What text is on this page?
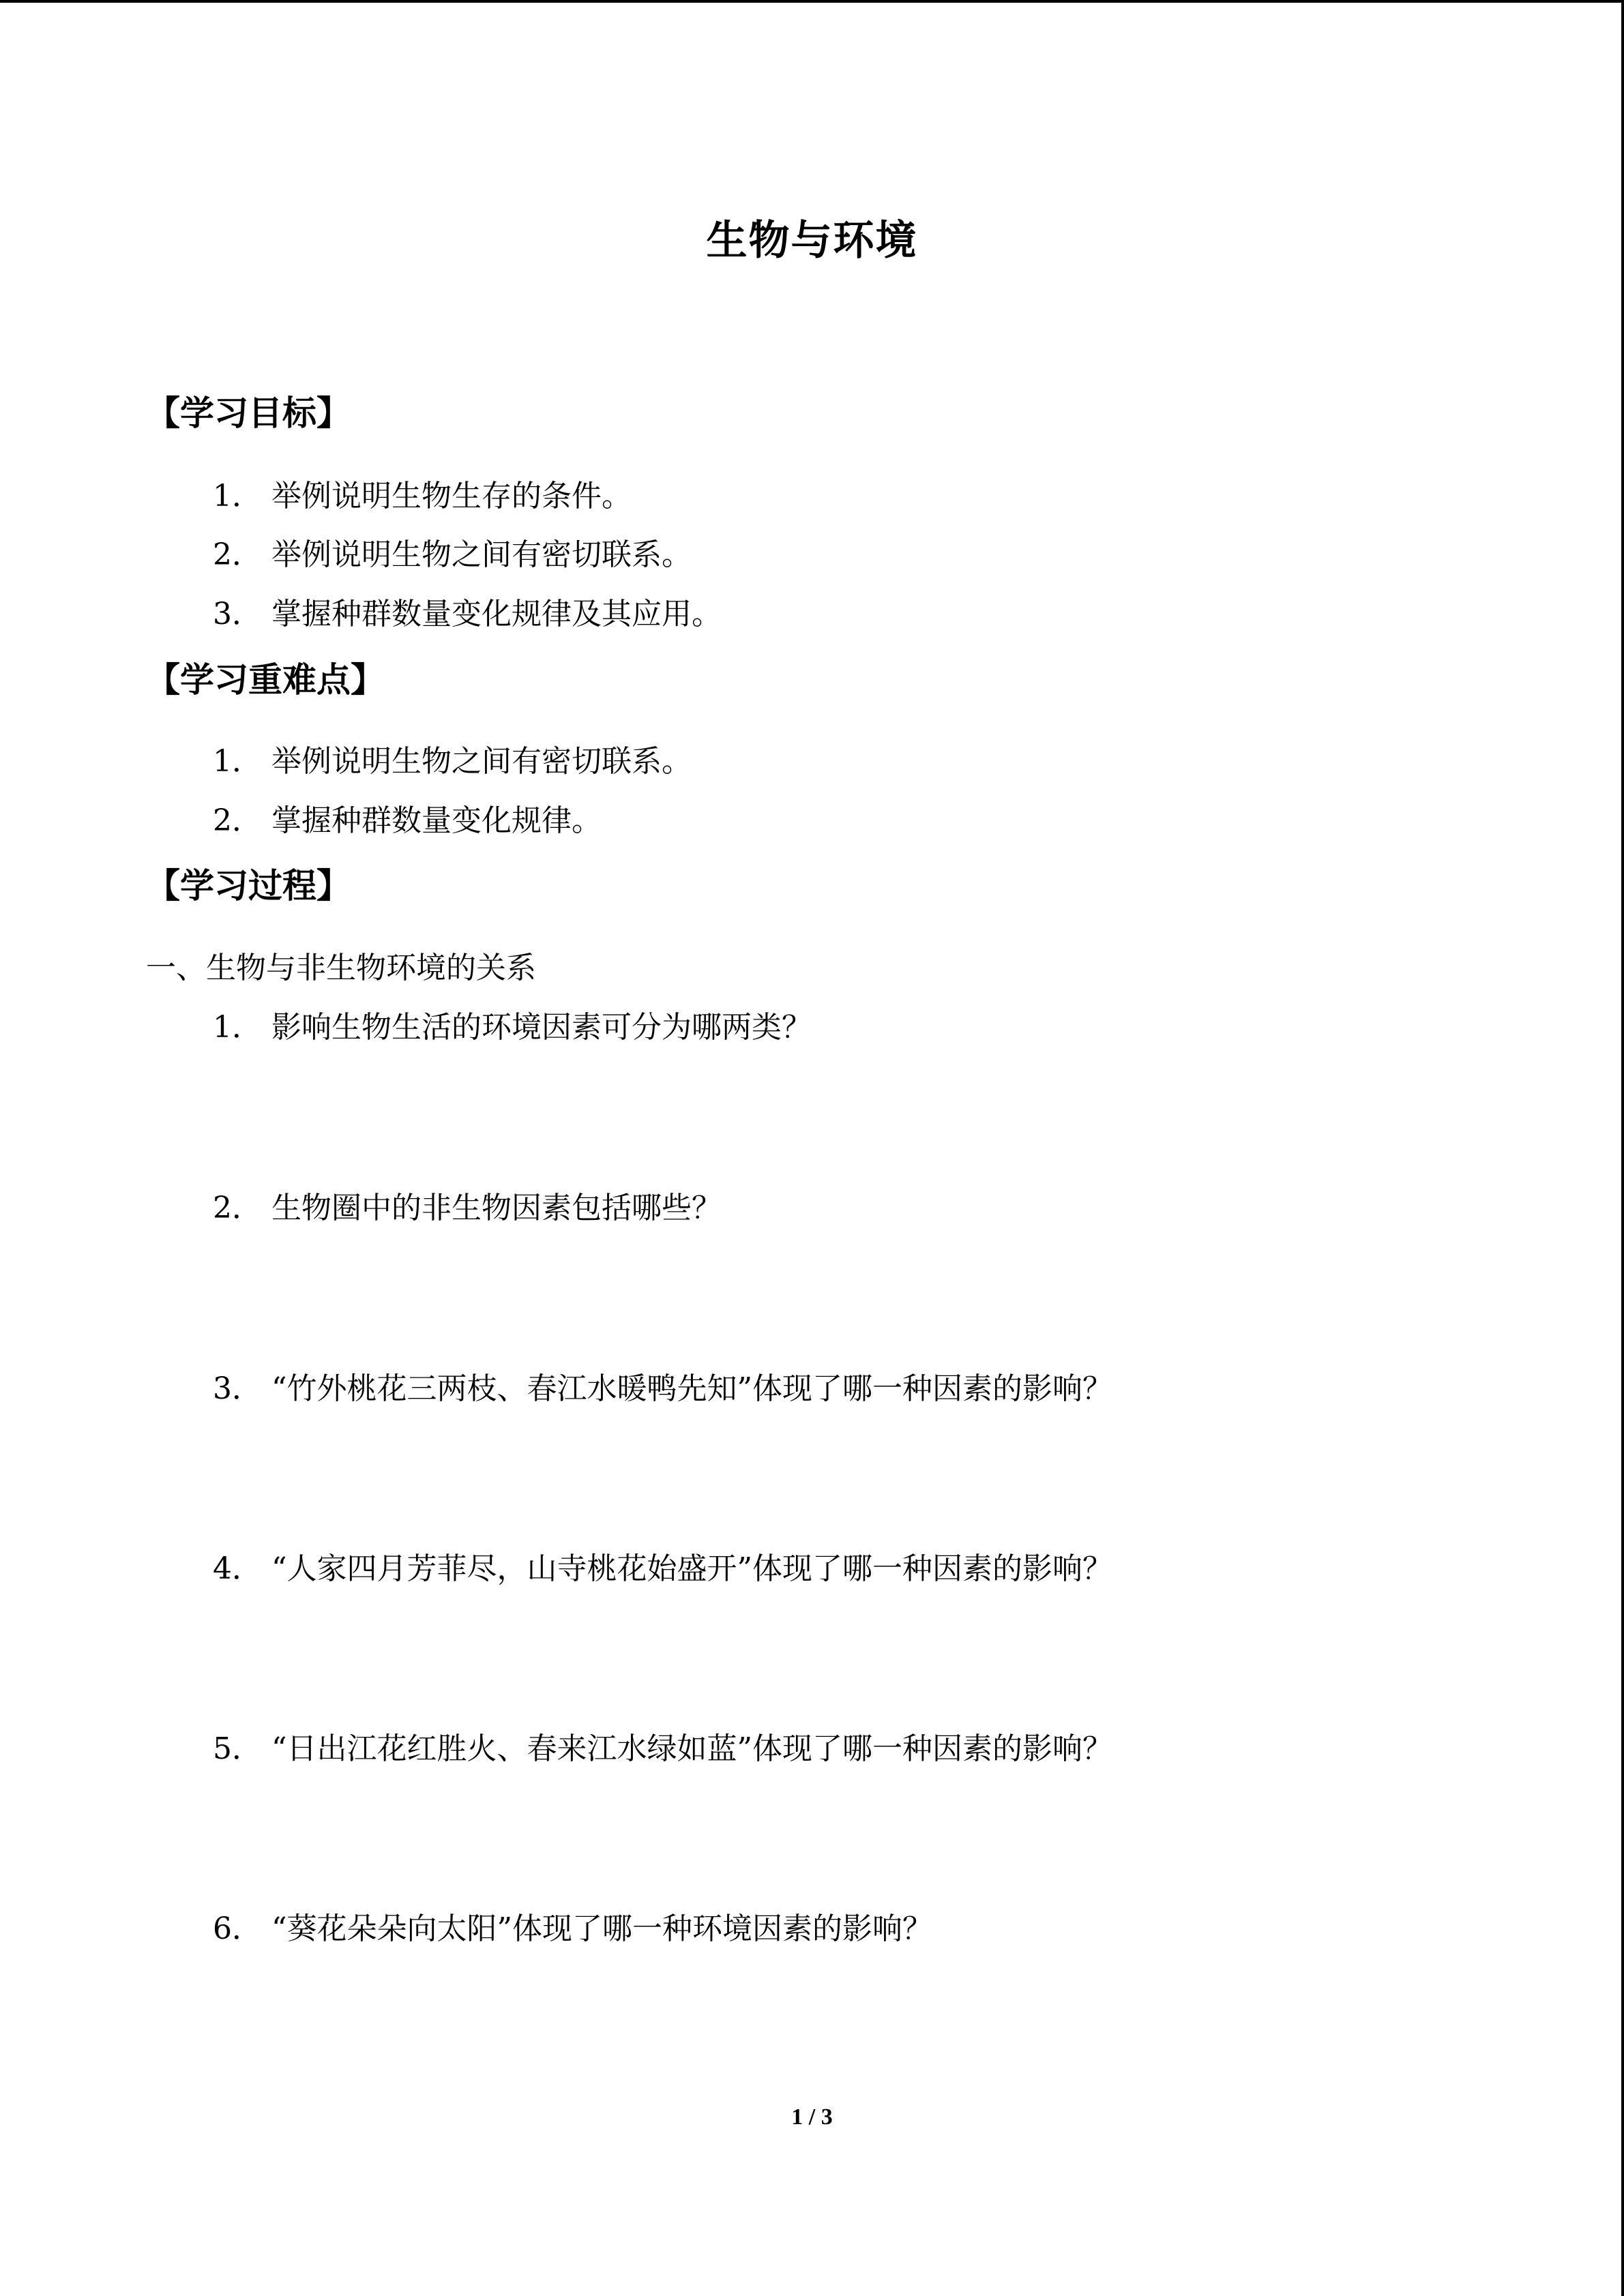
生物与环境
【学习目标】
1． 举例说明生物生存的条件。
2． 举例说明生物之间有密切联系。
3． 掌握种群数量变化规律及其应用。
【学习重难点】
1． 举例说明生物之间有密切联系。
2． 掌握种群数量变化规律。
【学习过程】
一、生物与非生物环境的关系
1． 影响生物生活的环境因素可分为哪两类？
2． 生物圈中的非生物因素包括哪些？
3． “竹外桃花三两枝、春江水暖鸭先知”体现了哪一种因素的影响？
4． “人家四月芳菲尽，山寺桃花始盛开”体现了哪一种因素的影响？
5． “日出江花红胜火、春来江水绿如蓝”体现了哪一种因素的影响？
6． “葵花朵朵向太阳”体现了哪一种环境因素的影响？
1 / 3
